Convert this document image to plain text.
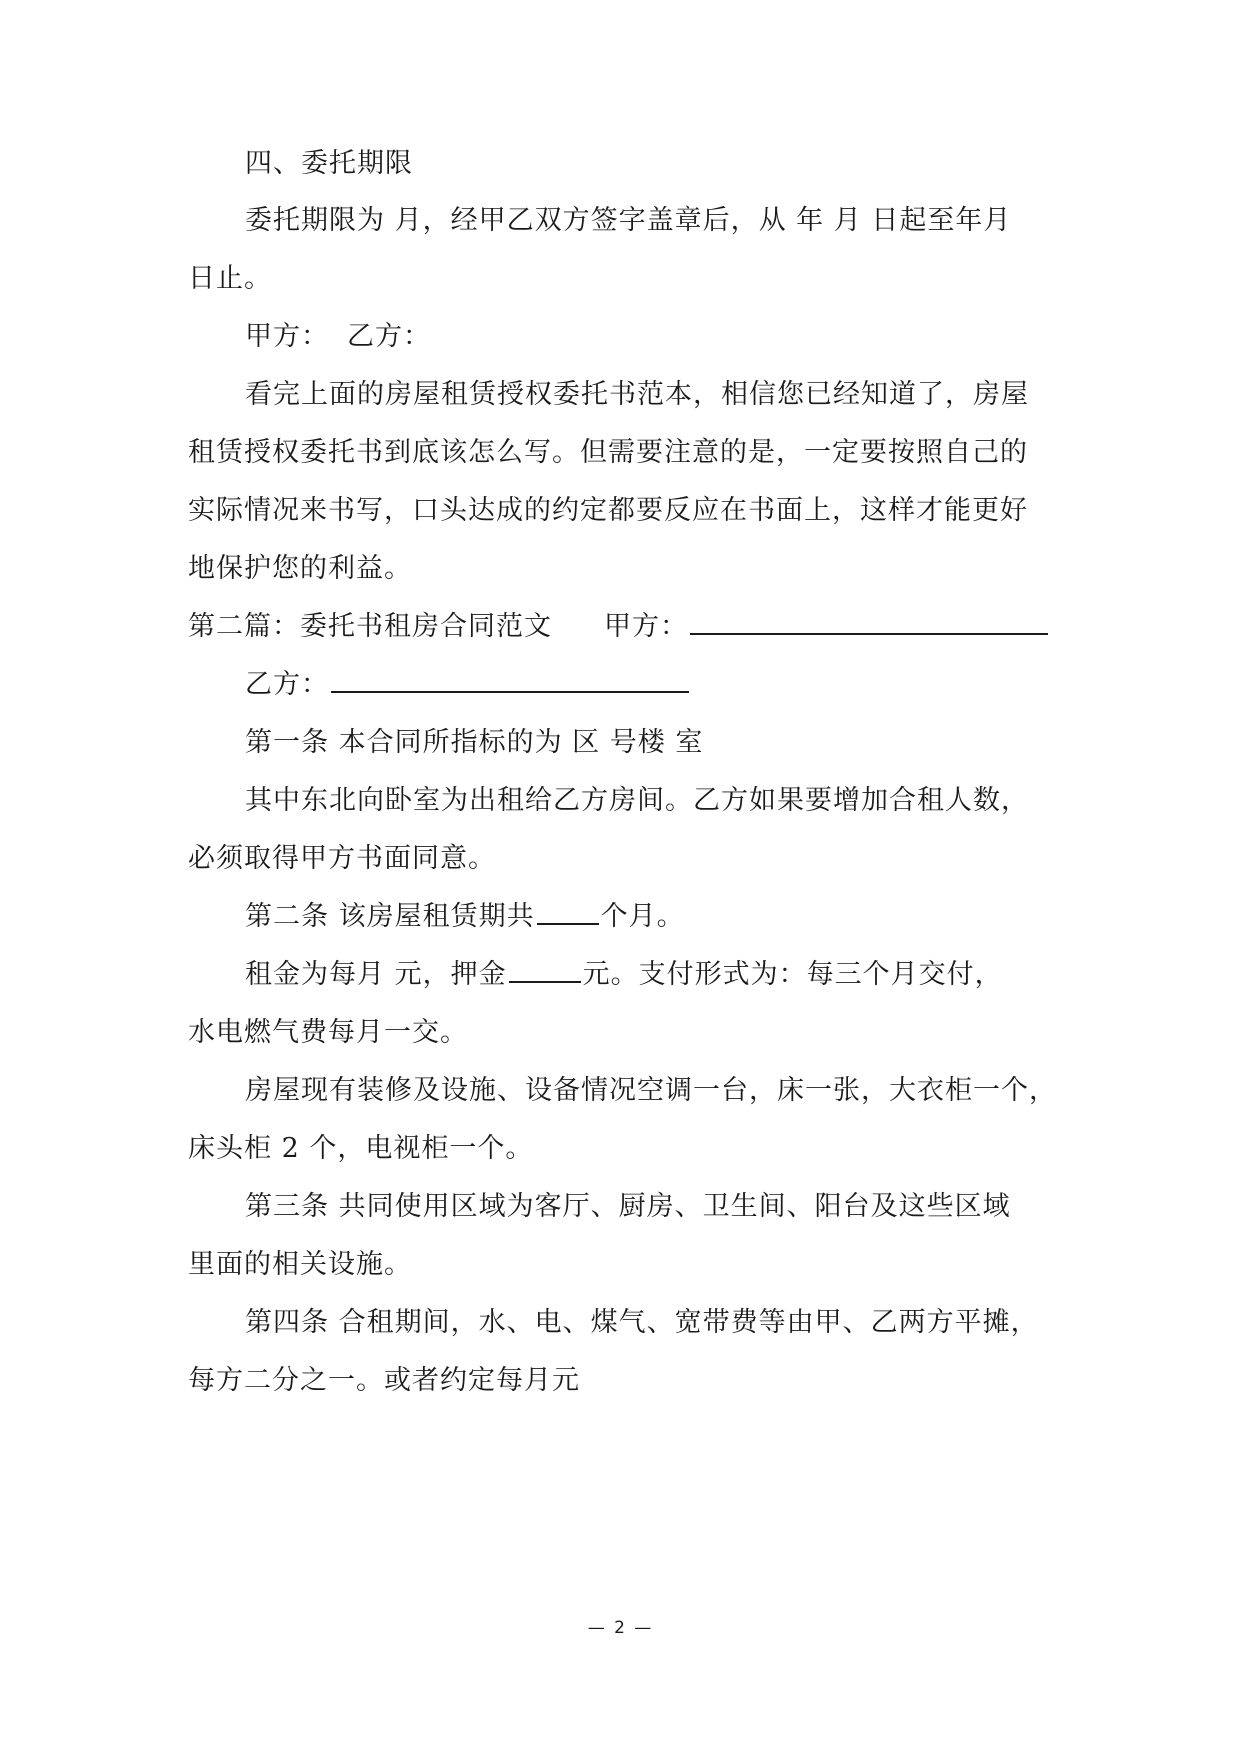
四、委托期限
委托期限为 月，经甲乙双方签字盖章后，从 年 月 日起至年月
日止。
甲方： 乙方：
看完上面的房屋租赁授权委托书范本，相信您已经知道了，房屋
租赁授权委托书到底该怎么写。但需要注意的是，一定要按照自己的
实际情况来书写，口头达成的约定都要反应在书面上，这样才能更好
地保护您的利益。
第二篇：委托书租房合同范文 甲方：
乙方：
第一条 本合同所指标的为 区 号楼 室
其中东北向卧室为出租给乙方房间。乙方如果要增加合租人数，
必须取得甲方书面同意。
第二条 该房屋租赁期共 个月。
租金为每月 元，押金	元。支付形式为：每三个月交付，
水电燃气费每月一交。
房屋现有装修及设施、设备情况空调一台，床一张，大衣柜一个，
床头柜 2 个，电视柜一个。
第三条 共同使用区域为客厅、厨房、卫生间、阳台及这些区域
里面的相关设施。
第四条 合租期间，水、电、煤气、宽带费等由甲、乙两方平摊，
每方二分之一。或者约定每月元
— 2 —
